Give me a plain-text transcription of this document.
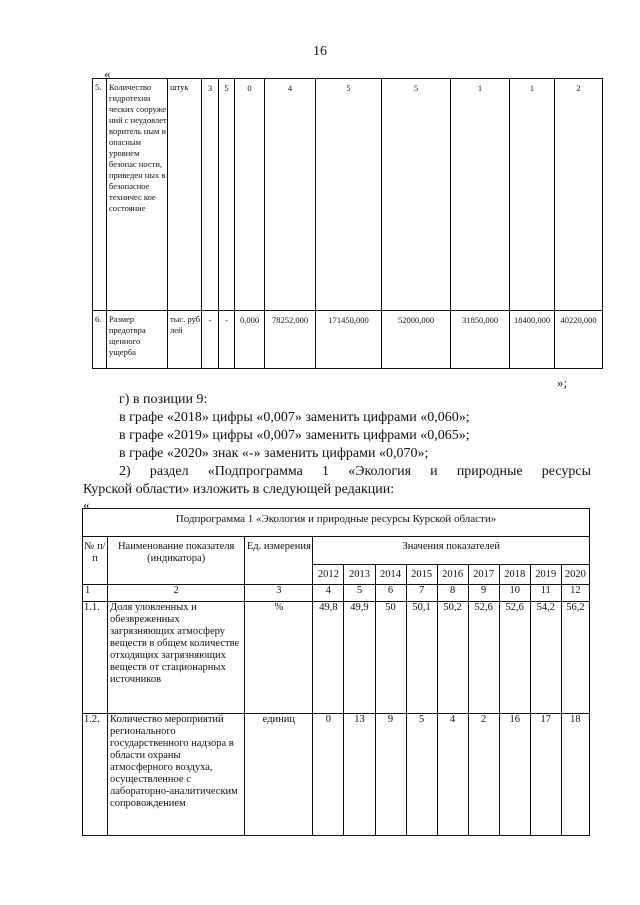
16
«
5.	Количество гидротехни ческих сооруже ний с неудовлет воритель ным и опасным уровнем безопас ности, приведен ных в безопасное техничес кое состояние	штук	3	5	0	4	5	5	1	1	2
6.	Размер предотвра щенного ущерба	тыс. руб лей	-	-	0,000	78252,000	171450,000	52000,000	31850,000	18400,000	40220,000
»;
г) в позиции 9:
в графе «2018» цифры «0,007» заменить цифрами «0,060»;
в графе «2019» цифры «0,007» заменить цифрами «0,065»;
в графе «2020» знак «-» заменить цифрами «0,070»;
2) раздел «Подпрограмма 1 «Экология и природные ресурсы
Курской области» изложить в следующей редакции:
«
Подпрограмма 1 «Экология и природные ресурсы Курской области»											
№ п/п	Наименование показателя (индикатора)	Ед. измерения	Значения показателей								
			2012	2013	2014	2015	2016	2017	2018	2019	2020
1	2	3	4	5	6	7	8	9	10	11	12
1.1.	Доля уловленных и обезвреженных загрязняющих атмосферу веществ в общем количестве отходящих загрязняющих веществ от стационарных источников	%	49,8	49,9	50	50,1	50,2	52,6	52,6	54,2	56,2
1.2.	Количество мероприятий регионального государственного надзора в области охраны атмосферного воздуха, осуществленное с лабораторно-аналитическим сопровождением	единиц	0	13	9	5	4	2	16	17	18
